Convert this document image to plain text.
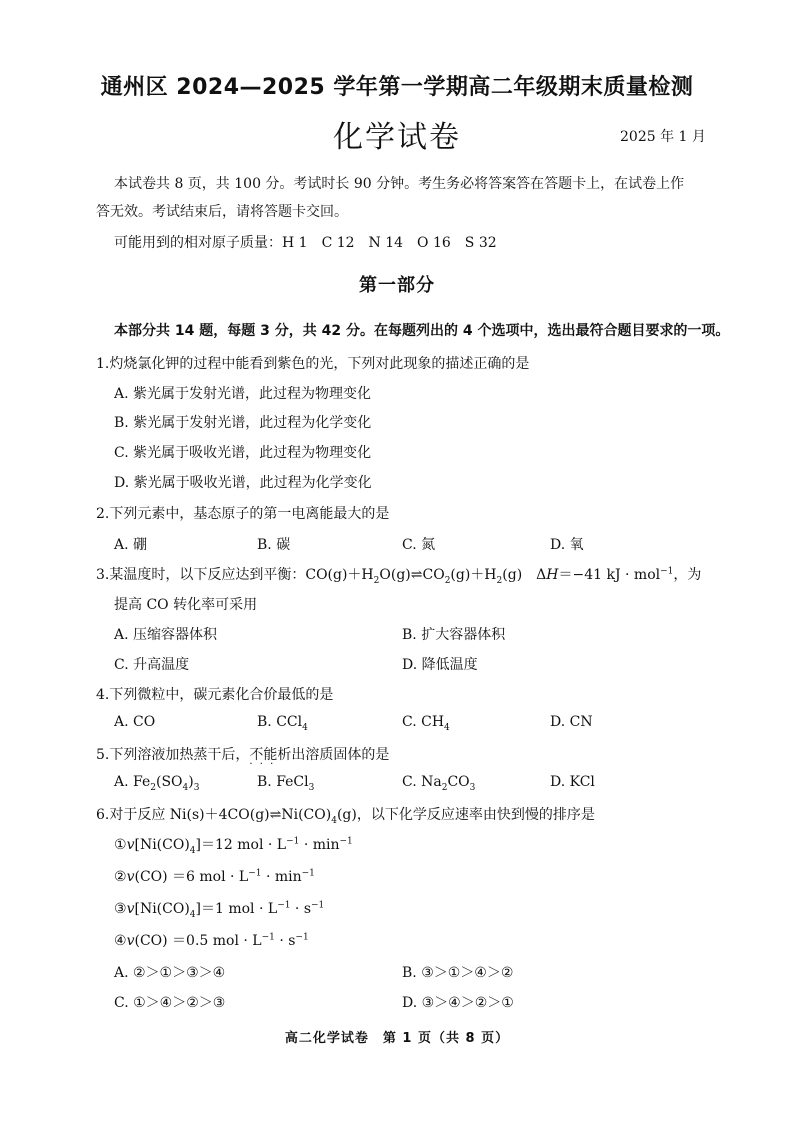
通州区 2024—2025 学年第一学期高二年级期末质量检测
化学试卷	2025 年 1 月
本试卷共 8 页，共 100 分。考试时长 90 分钟。考生务必将答案答在答题卡上，在试卷上作
答无效。考试结束后，请将答题卡交回。
可能用到的相对原子质量：H 1　C 12　N 14　O 16　S 32
第一部分
本部分共 14 题，每题 3 分，共 42 分。在每题列出的 4 个选项中，选出最符合题目要求的一项。
1.灼烧氯化钾的过程中能看到紫色的光，下列对此现象的描述正确的是
A. 紫光属于发射光谱，此过程为物理变化
B. 紫光属于发射光谱，此过程为化学变化
C. 紫光属于吸收光谱，此过程为物理变化
D. 紫光属于吸收光谱，此过程为化学变化
2.下列元素中，基态原子的第一电离能最大的是
A. 硼	B. 碳	C. 氮	D. 氧
3.某温度时，以下反应达到平衡：$CO(g)+H_2O(g)\rightleftharpoons CO_2(g)+H_2(g)$　ΔH＝−41 kJ · mol$^{-1}$，为
提高 CO 转化率可采用
A. 压缩容器体积	B. 扩大容器体积
C. 升高温度	D. 降低温度
4.下列微粒中，碳元素化合价最低的是
A. CO	B. CCl$_4$	C. $CH_4$	D. CN
5.下列溶液加热蒸干后，不能 · · ·析出溶质固体的是
A. $Fe_2(SO_4)_3$	B. FeCl$_3$	C. $Na_2CO_3$	D. KCl
6.对于反应 $Ni(s)+4CO(g)\rightleftharpoons Ni(CO)_4(g)$，以下化学反应速率由快到慢的排序是
$①v[Ni(CO)_4]=12$ mol · $L^{-1} \cdot \min^{-1}$
②v(CO) ＝6 mol · $L^{-1} \cdot \min^{-1}$
$③v[Ni(CO)_4]=1$ mol · $L^{-1} \cdot s^{-1}$
④v(CO) ＝0.5 mol · $L^{-1} \cdot s^{-1}$
A. ②＞①＞③＞④	B. ③＞①＞④＞②
C. ①＞④＞②＞③	D. ③＞④＞②＞①
高二化学试卷　第 1 页（共 8 页）
